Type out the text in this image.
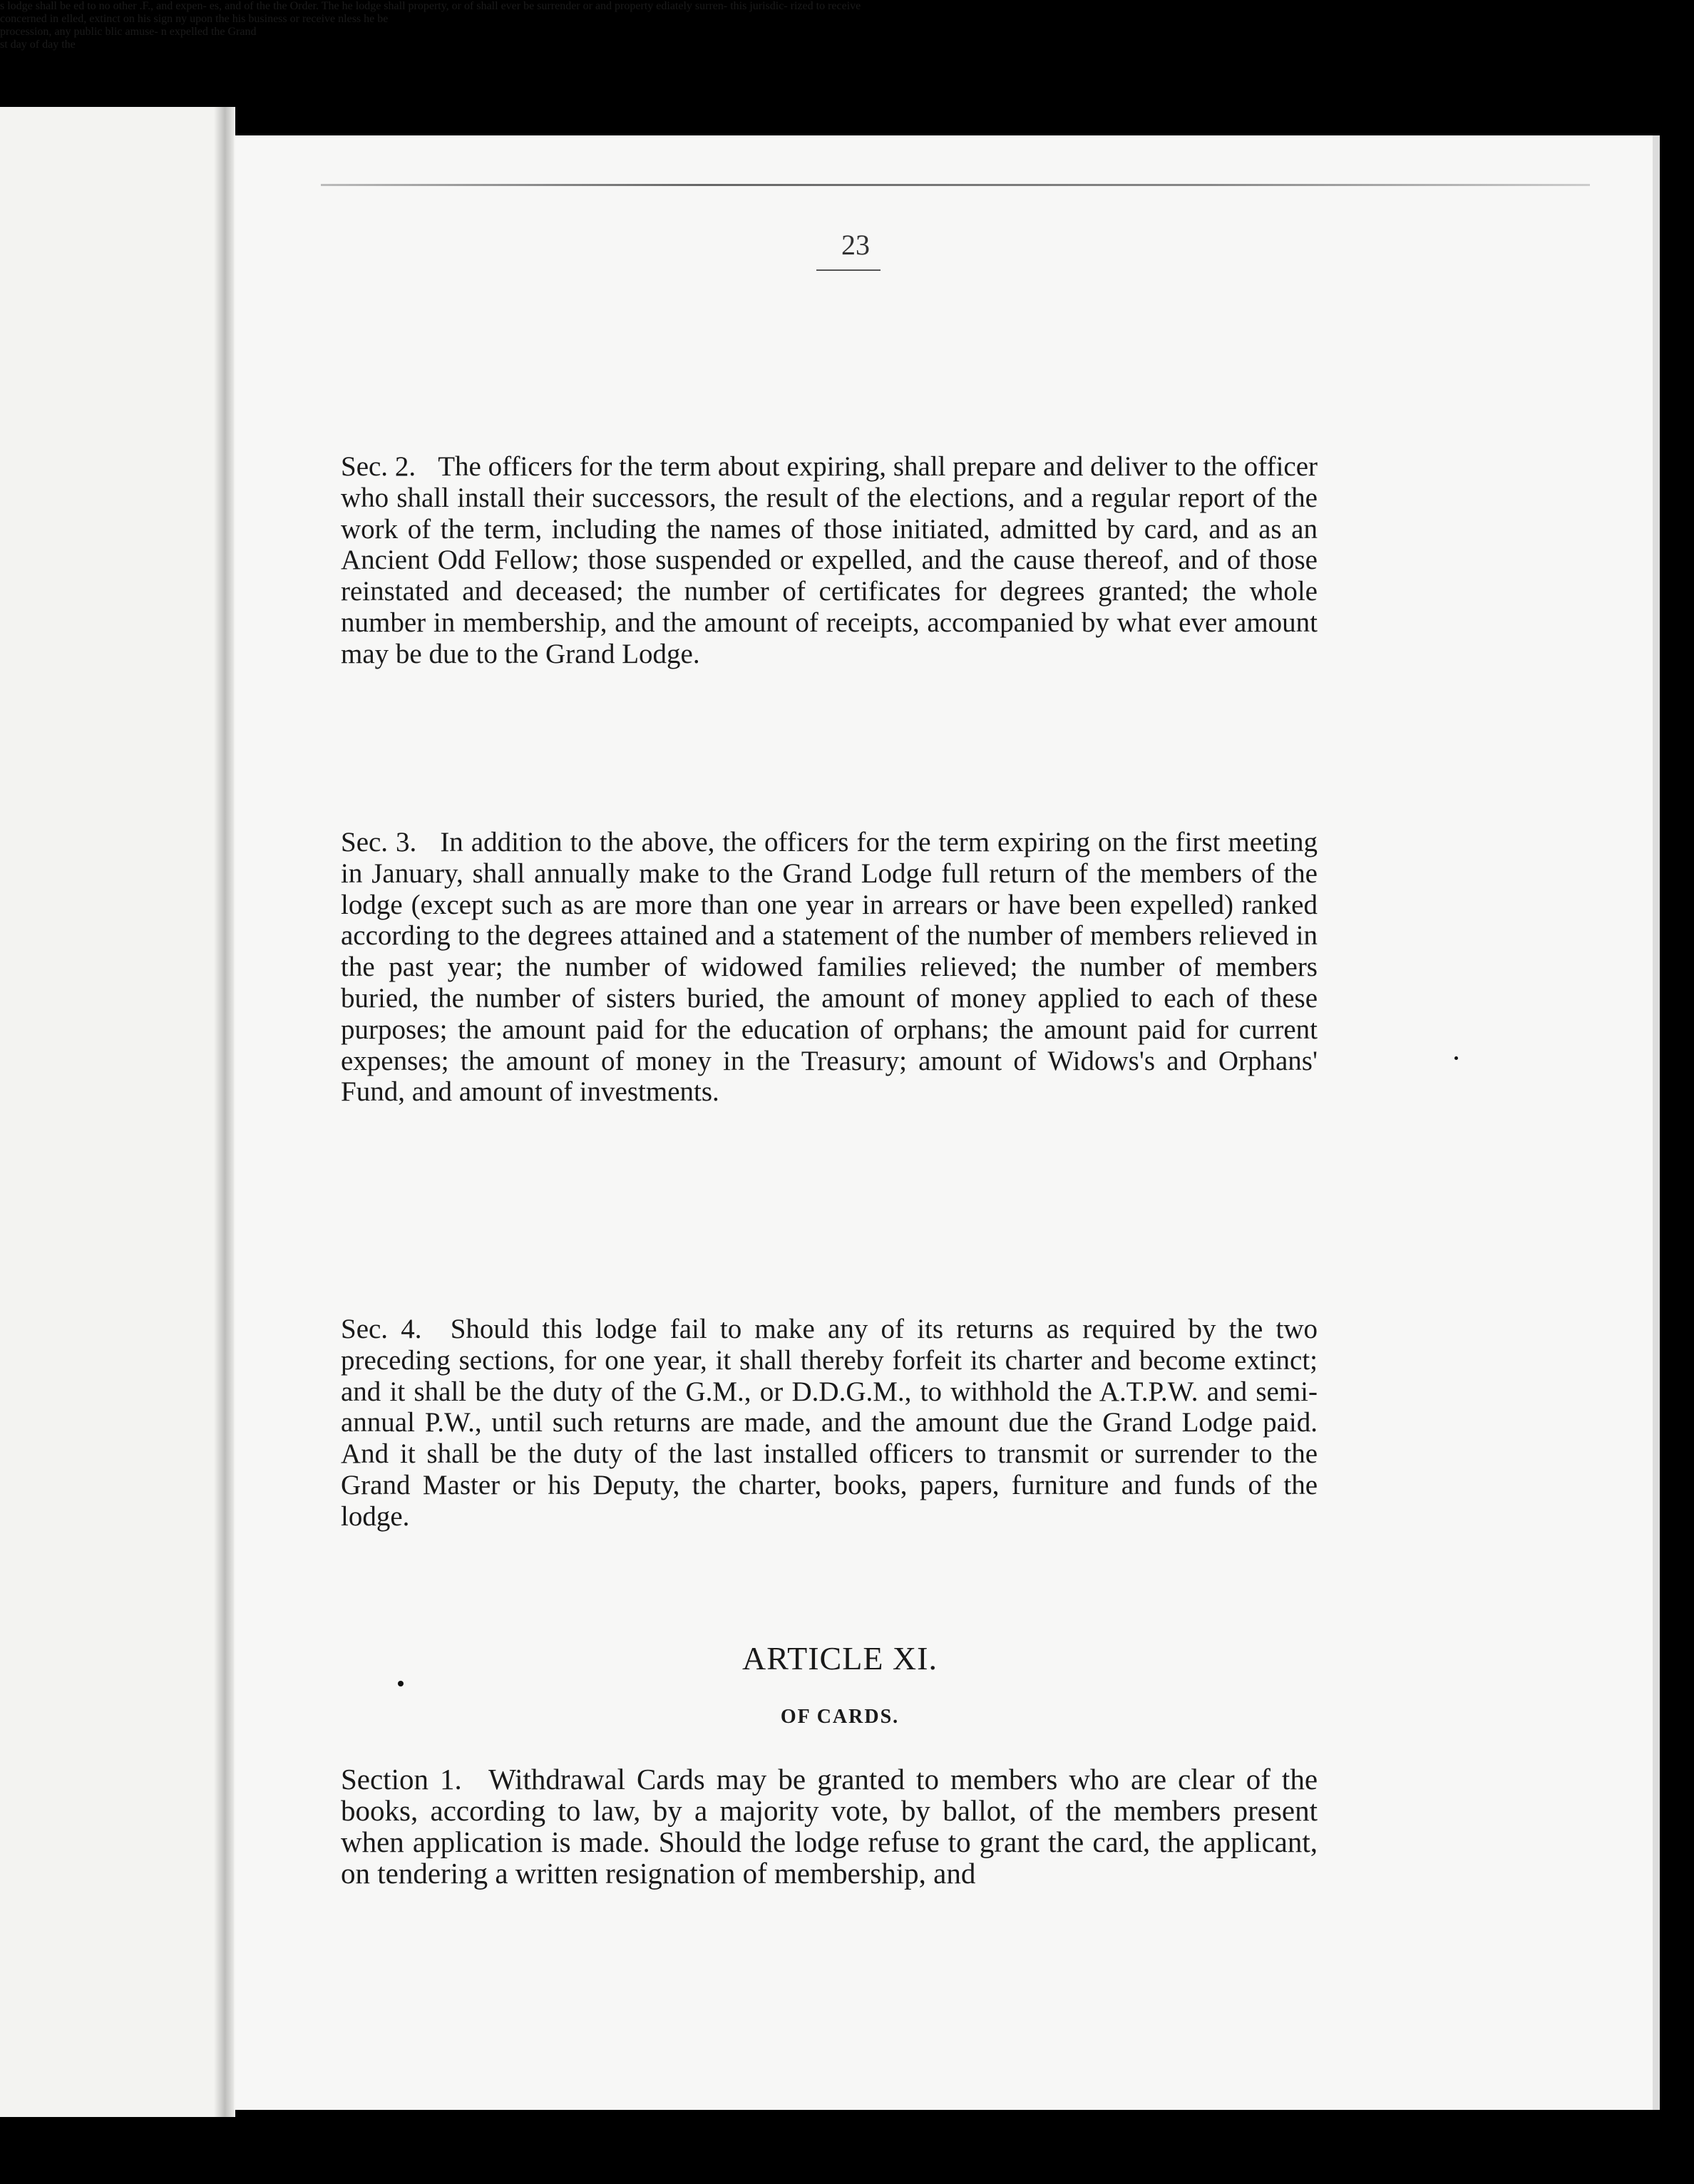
s lodge shall be ed to no other .F., and expen- es, and of the the Order. The he lodge shall property, or of shall ever be surrender or and property ediately surren- this jurisdic- rized to receive
concerned in elled, extinct on his sign ny upon the his business or receive nless he be
procession, any public blic amuse- n expelled the Grand
st day of day the
23
Sec. 2. The officers for the term about expiring, shall prepare and deliver to the officer who shall install their successors, the result of the elections, and a regular report of the work of the term, including the names of those initiated, admitted by card, and as an Ancient Odd Fellow; those suspended or expelled, and the cause thereof, and of those reinstated and deceased; the number of certificates for degrees granted; the whole number in membership, and the amount of receipts, accompanied by what ever amount may be due to the Grand Lodge.
Sec. 3. In addition to the above, the officers for the term expiring on the first meeting in January, shall annually make to the Grand Lodge full return of the members of the lodge (except such as are more than one year in arrears or have been expelled) ranked according to the degrees attained and a statement of the number of members relieved in the past year; the number of widowed families relieved; the number of members buried, the number of sisters buried, the amount of money applied to each of these purposes; the amount paid for the education of orphans; the amount paid for current expenses; the amount of money in the Treasury; amount of Widows's and Orphans' Fund, and amount of investments.
Sec. 4. Should this lodge fail to make any of its returns as required by the two preceding sections, for one year, it shall thereby forfeit its charter and become extinct; and it shall be the duty of the G.M., or D.D.G.M., to withhold the A.T.P.W. and semi-annual P.W., until such returns are made, and the amount due the Grand Lodge paid. And it shall be the duty of the last installed officers to transmit or surrender to the Grand Master or his Deputy, the charter, books, papers, furniture and funds of the lodge.
ARTICLE XI.
OF CARDS.
Section 1. Withdrawal Cards may be granted to members who are clear of the books, according to law, by a majority vote, by ballot, of the members present when application is made. Should the lodge refuse to grant the card, the applicant, on tendering a written resignation of membership, and
